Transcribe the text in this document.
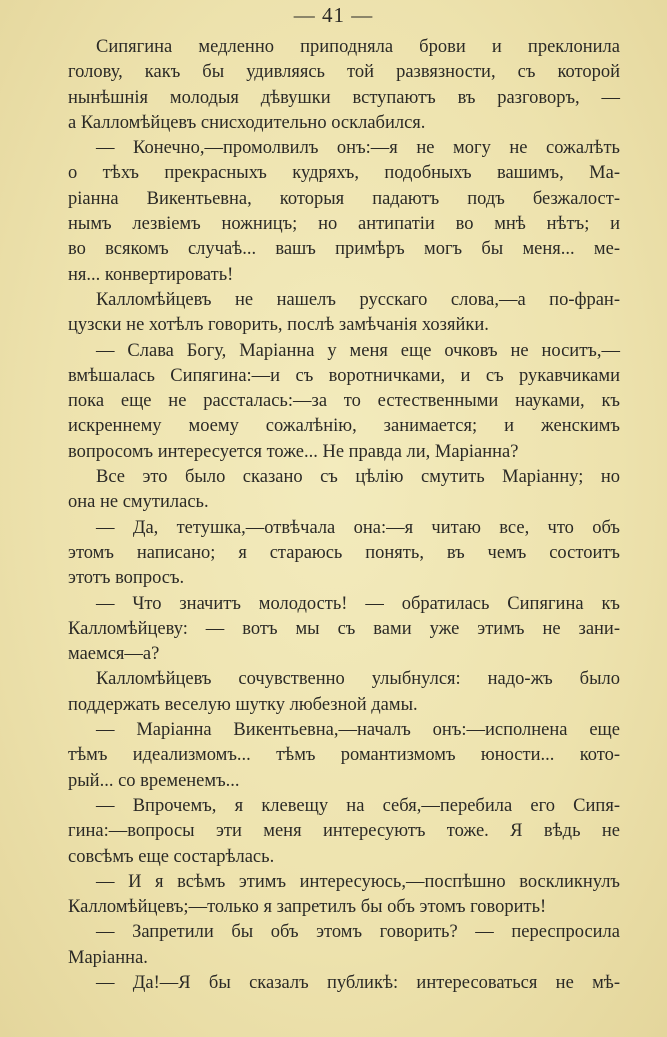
— 41 —
Сипягина медленно приподняла брови и преклонила
голову, какъ бы удивляясь той развязности, съ которой
нынѣшнія молодыя дѣвушки вступаютъ въ разговоръ, —
а Калломѣйцевъ снисходительно осклабился.
— Конечно,—промолвилъ онъ:—я не могу не сожалѣть
о тѣхъ прекрасныхъ кудряхъ, подобныхъ вашимъ, Ма-
ріанна Викентьевна, которыя падаютъ подъ безжалост-
нымъ лезвіемъ ножницъ; но антипатіи во мнѣ нѣтъ; и
во всякомъ случаѣ... вашъ примѣръ могъ бы меня... ме-
ня... конвертировать!
Калломѣйцевъ не нашелъ русскаго слова,—а по-фран-
цузски не хотѣлъ говорить, послѣ замѣчанія хозяйки.
— Слава Богу, Маріанна у меня еще очковъ не носитъ,—
вмѣшалась Сипягина:—и съ воротничками, и съ рукавчиками
пока еще не рассталась:—за то естественными науками, къ
искреннему моему сожалѣнію, занимается; и женскимъ
вопросомъ интересуется тоже... Не правда ли, Маріанна?
Все это было сказано съ цѣлію смутить Маріанну; но
она не смутилась.
— Да, тетушка,—отвѣчала она:—я читаю все, что объ
этомъ написано; я стараюсь понять, въ чемъ состоитъ
этотъ вопросъ.
— Что значитъ молодость! — обратилась Сипягина къ
Калломѣйцеву: — вотъ мы съ вами уже этимъ не зани-
маемся—а?
Калломѣйцевъ сочувственно улыбнулся: надо-жъ было
поддержать веселую шутку любезной дамы.
— Маріанна Викентьевна,—началъ онъ:—исполнена еще
тѣмъ идеализмомъ... тѣмъ романтизмомъ юности... кото-
рый... со временемъ...
— Впрочемъ, я клевещу на себя,—перебила его Сипя-
гина:—вопросы эти меня интересуютъ тоже. Я вѣдь не
совсѣмъ еще состарѣлась.
— И я всѣмъ этимъ интересуюсь,—поспѣшно воскликнулъ
Калломѣйцевъ;—только я запретилъ бы объ этомъ говорить!
— Запретили бы объ этомъ говорить? — переспросила
Маріанна.
— Да!—Я бы сказалъ публикѣ: интересоваться не мѣ-
